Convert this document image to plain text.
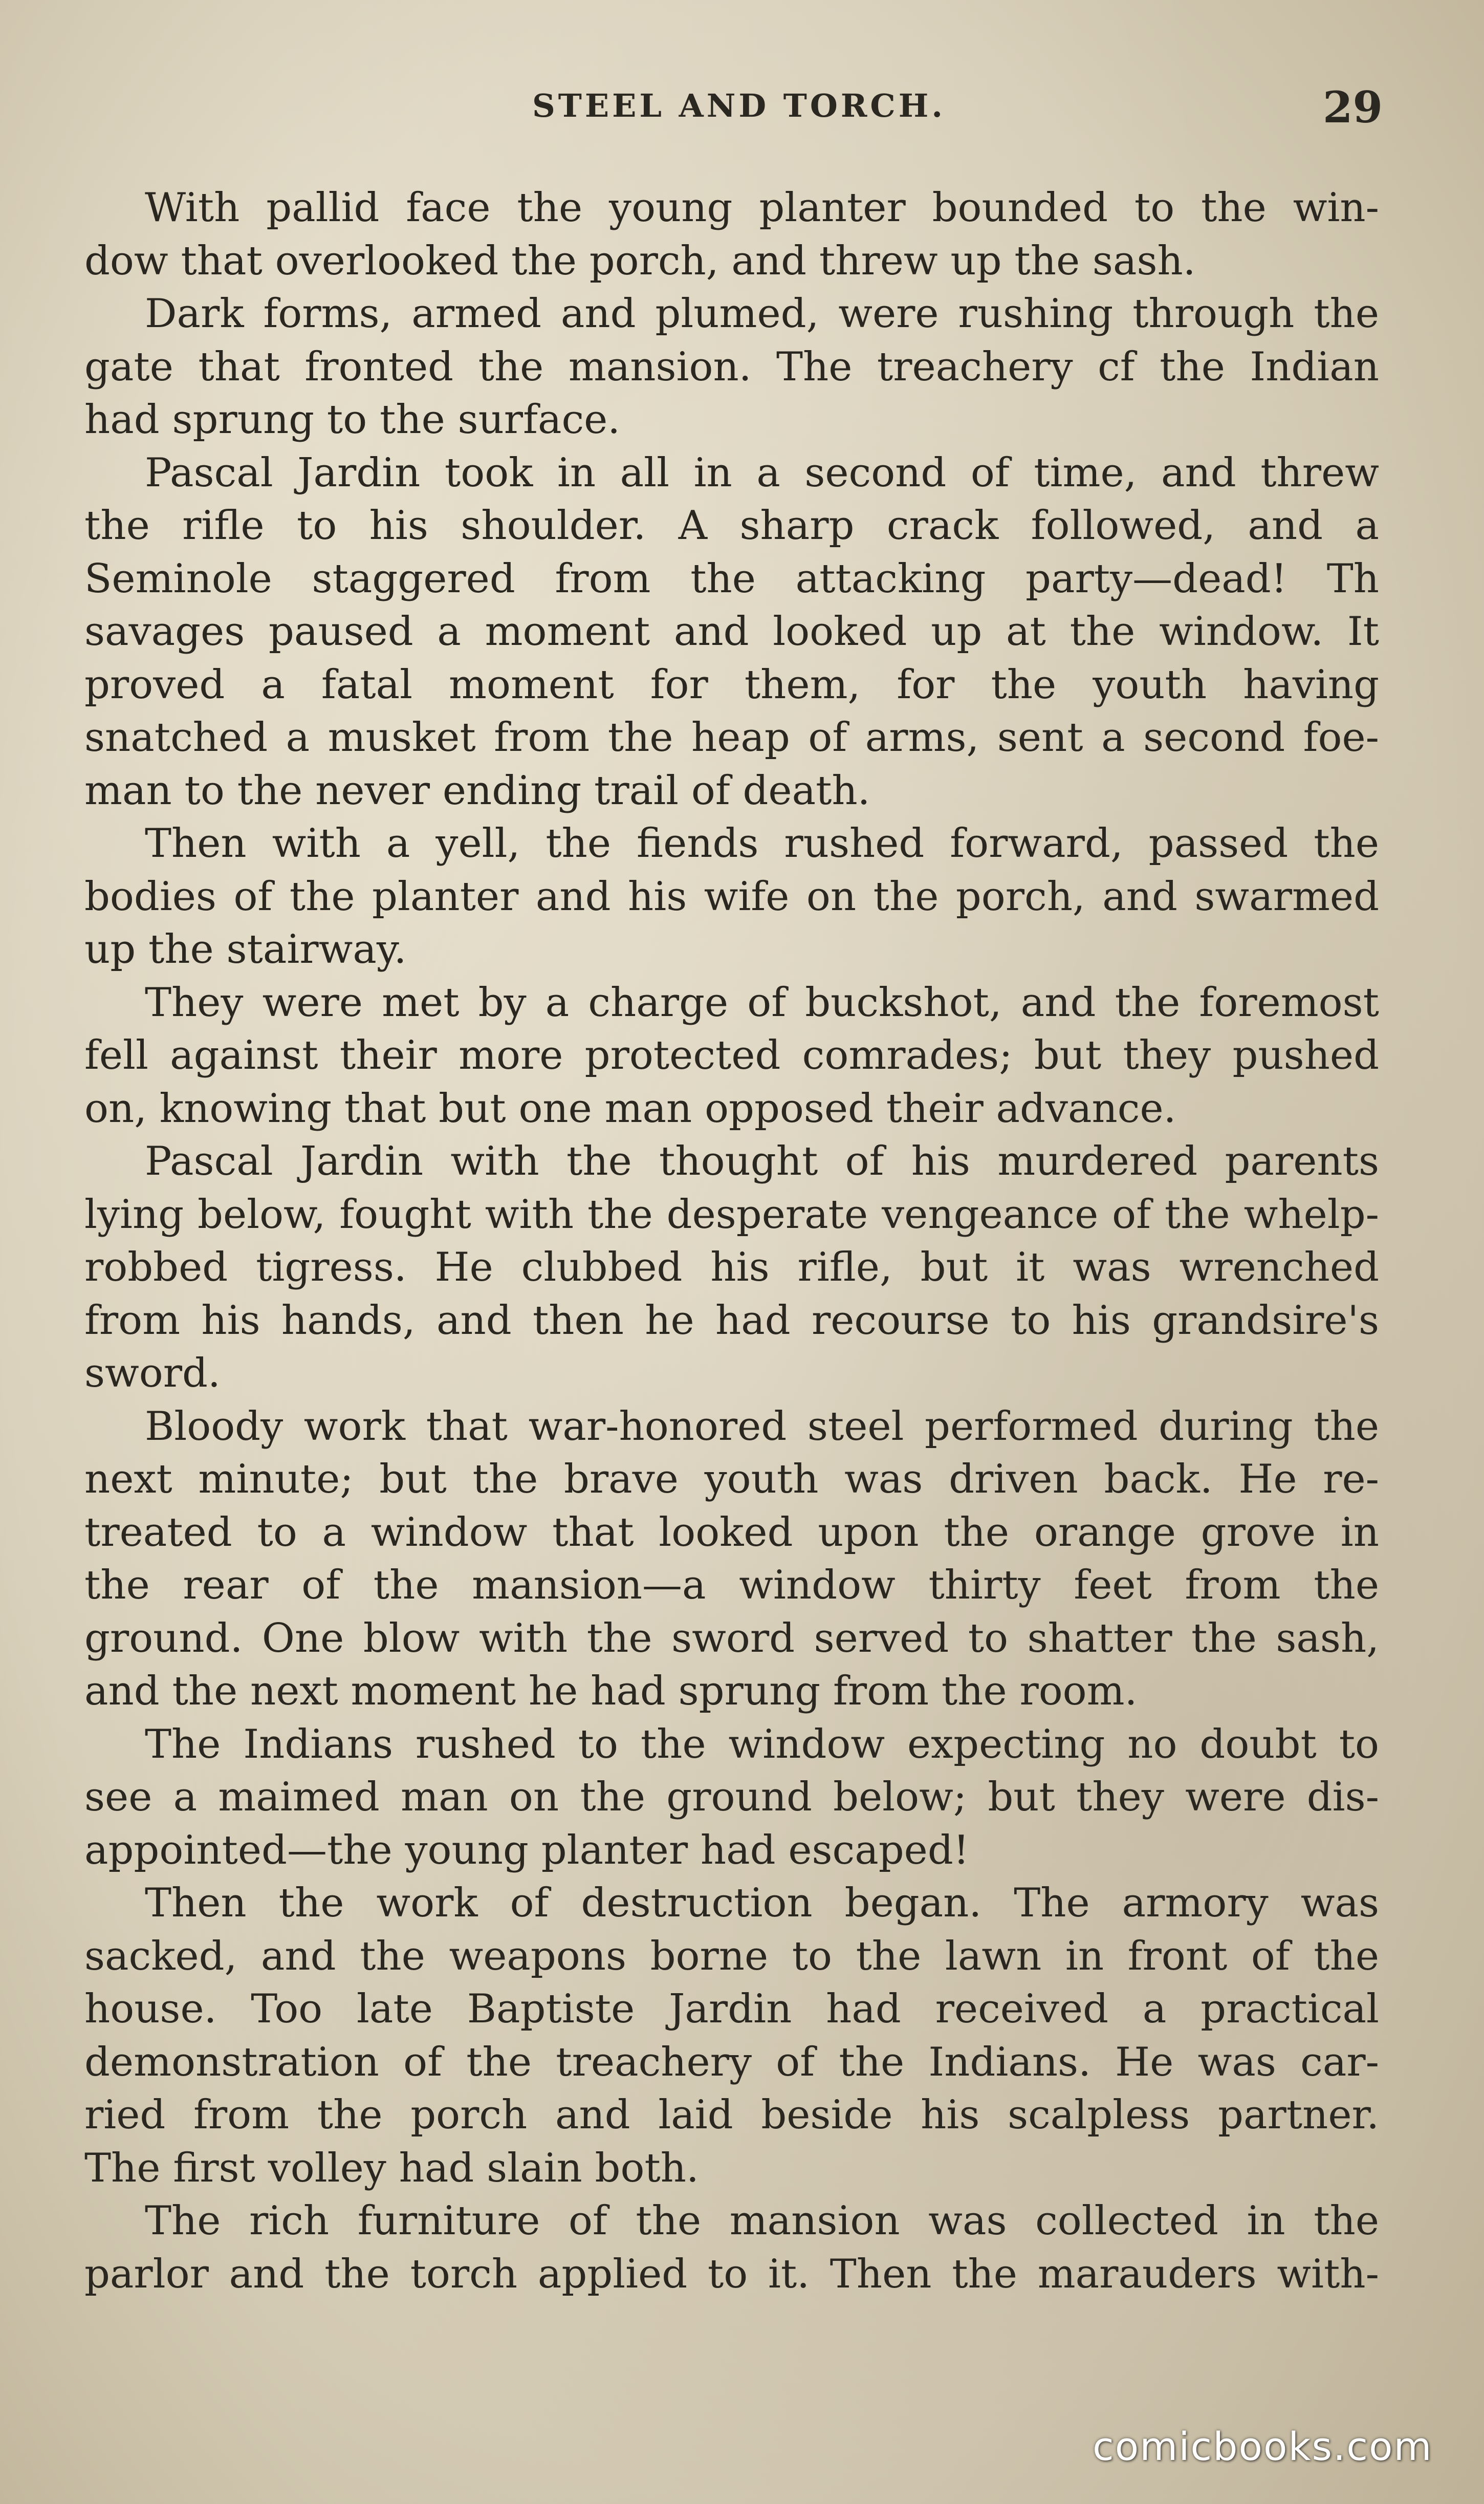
STEEL AND TORCH.	29
With pallid face the young planter bounded to the win-
dow that overlooked the porch, and threw up the sash.
Dark forms, armed and plumed, were rushing through the
gate that fronted the mansion. The treachery cf the Indian
had sprung to the surface.
Pascal Jardin took in all in a second of time, and threw
the rifle to his shoulder. A sharp crack followed, and a
Seminole staggered from the attacking party—dead! Th
savages paused a moment and looked up at the window. It
proved a fatal moment for them, for the youth having
snatched a musket from the heap of arms, sent a second foe-
man to the never ending trail of death.
Then with a yell, the fiends rushed forward, passed the
bodies of the planter and his wife on the porch, and swarmed
up the stairway.
They were met by a charge of buckshot, and the foremost
fell against their more protected comrades; but they pushed
on, knowing that but one man opposed their advance.
Pascal Jardin with the thought of his murdered parents
lying below, fought with the desperate vengeance of the whelp-
robbed tigress. He clubbed his rifle, but it was wrenched
from his hands, and then he had recourse to his grandsire's
sword.
Bloody work that war-honored steel performed during the
next minute; but the brave youth was driven back. He re-
treated to a window that looked upon the orange grove in
the rear of the mansion—a window thirty feet from the
ground. One blow with the sword served to shatter the sash,
and the next moment he had sprung from the room.
The Indians rushed to the window expecting no doubt to
see a maimed man on the ground below; but they were dis-
appointed—the young planter had escaped!
Then the work of destruction began. The armory was
sacked, and the weapons borne to the lawn in front of the
house. Too late Baptiste Jardin had received a practical
demonstration of the treachery of the Indians. He was car-
ried from the porch and laid beside his scalpless partner.
The first volley had slain both.
The rich furniture of the mansion was collected in the
parlor and the torch applied to it. Then the marauders with-
comicbooks.com
